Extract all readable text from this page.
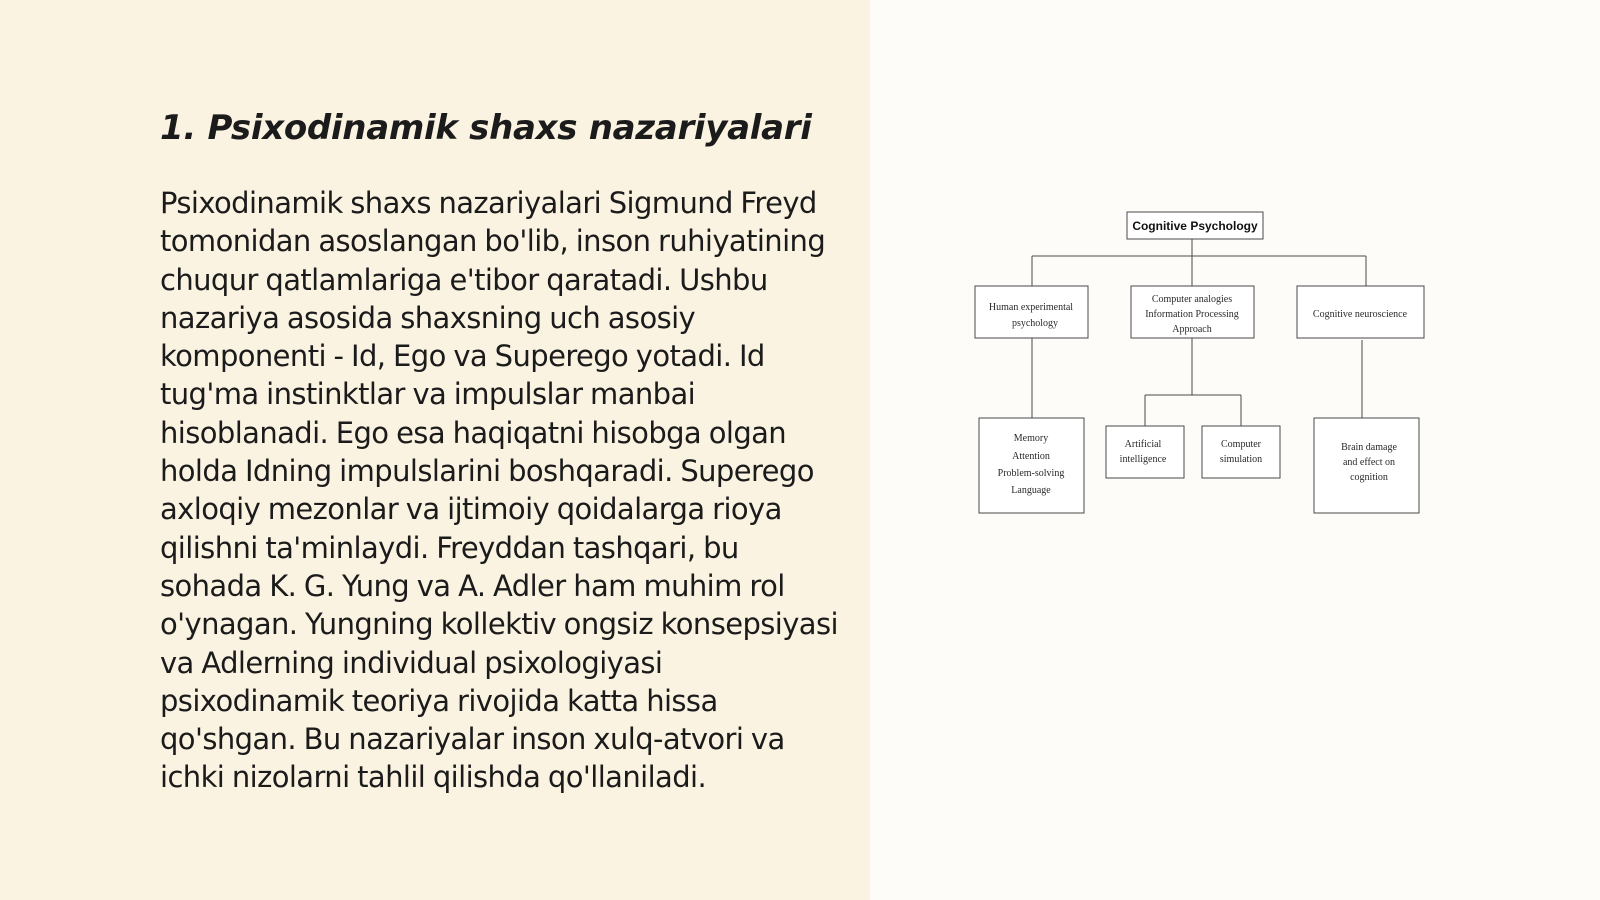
1. Psixodinamik shaxs nazariyalari

Psixodinamik shaxs nazariyalari Sigmund Freyd tomonidan asoslangan bo'lib, inson ruhiyatining chuqur qatlamlariga e'tibor qaratadi. Ushbu nazariya asosida shaxsning uch asosiy komponenti - Id, Ego va Superego yotadi. Id tug'ma instinktlar va impulslar manbai hisoblanadi. Ego esa haqiqatni hisobga olgan holda Idning impulslarini boshqaradi. Superego axloqiy mezonlar va ijtimoiy qoidalarga rioya qilishni ta'minlaydi. Freyddan tashqari, bu sohada K. G. Yung va A. Adler ham muhim rol o'ynagan. Yungning kollektiv ongsiz konsepsiyasi va Adlerning individual psixologiyasi psixodinamik teoriya rivojida katta hissa qo'shgan. Bu nazariyalar inson xulq-atvori va ichki nizolarni tahlil qilishda qo'llaniladi.

Cognitive Psychology
Human experimental
psychology
Computer analogies
Information Processing
Approach
Cognitive neuroscience
Memory
Attention
Problem-solving
Language
Artificial
intelligence
Computer
simulation
Brain damage
and effect on
cognition
